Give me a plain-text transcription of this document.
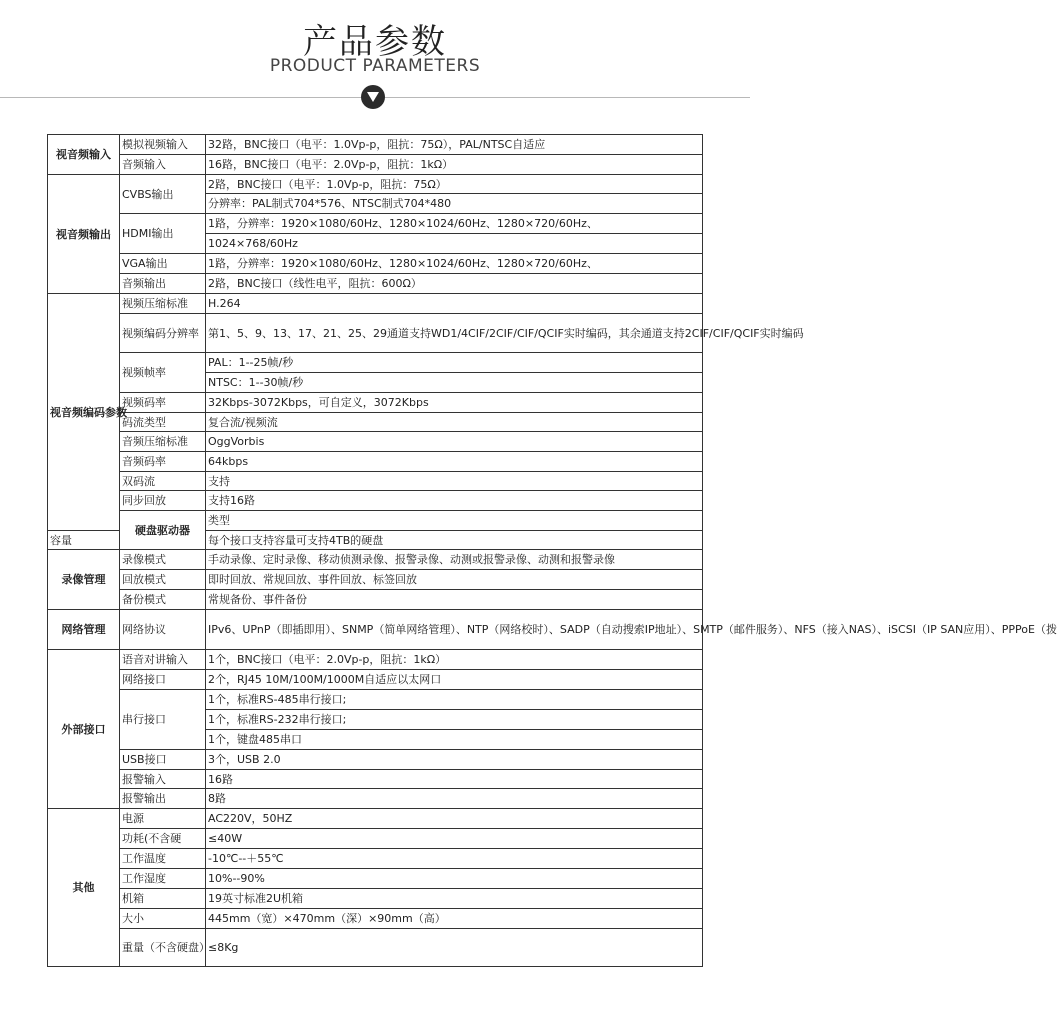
产品参数
PRODUCT PARAMETERS
视音频输入	模拟视频输入	32路，BNC接口（电平：1.0Vp-p，阻抗：75Ω），PAL/NTSC自适应	
	音频输入	16路，BNC接口（电平：2.0Vp-p，阻抗：1kΩ）	
视音频输出	CVBS输出	2路，BNC接口（电平：1.0Vp-p，阻抗：75Ω）	
		分辨率：PAL制式704*576、NTSC制式704*480	
	HDMI输出	1路，分辨率：1920×1080/60Hz、1280×1024/60Hz、1280×720/60Hz、	
		1024×768/60Hz	
	VGA输出	1路，分辨率：1920×1080/60Hz、1280×1024/60Hz、1280×720/60Hz、	
	音频输出	2路，BNC接口（线性电平，阻抗：600Ω）	
视音频编码参数	视频压缩标准	H.264	
	视频编码分辨率	第1、5、9、13、17、21、25、29通道支持WD1/4CIF/2CIF/CIF/QCIF实时编码，其余通道支持2CIF/CIF/QCIF实时编码	
	视频帧率	PAL：1--25帧/秒	
		NTSC：1--30帧/秒	
	视频码率	32Kbps-3072Kbps，可自定义，3072Kbps	
	码流类型	复合流/视频流	
	音频压缩标准	OggVorbis	
	音频码率	64kbps	
	双码流	支持	
	同步回放	支持16路	
	硬盘驱动器	类型	
容量		每个接口支持容量可支持4TB的硬盘	
录像管理	录像模式	手动录像、定时录像、移动侦测录像、报警录像、动测或报警录像、动测和报警录像	
	回放模式	即时回放、常规回放、事件回放、标签回放	
	备份模式	常规备份、事件备份	
网络管理	网络协议	IPv6、UPnP（即插即用）、SNMP（简单网络管理）、NTP（网络校时）、SADP（自动搜索IP地址）、SMTP（邮件服务）、NFS（接入NAS）、iSCSI（IP SAN应用）、PPPoE（拨	
外部接口	语音对讲输入	1个，BNC接口（电平：2.0Vp-p，阻抗：1kΩ）	
	网络接口	2个，RJ45 10M/100M/1000M自适应以太网口	
	串行接口	1个，标准RS-485串行接口;	
		1个，标准RS-232串行接口;	
		1个，键盘485串口	
	USB接口	3个，USB 2.0	
	报警输入	16路	
	报警输出	8路	
其他	电源	AC220V，50HZ	
	功耗(不含硬	≤40W	
	工作温度	-10℃--＋55℃	
	工作湿度	10%--90%	
	机箱	19英寸标准2U机箱	
	大小	445mm（宽）×470mm（深）×90mm（高）	
	重量（不含硬盘）	≤8Kg	
